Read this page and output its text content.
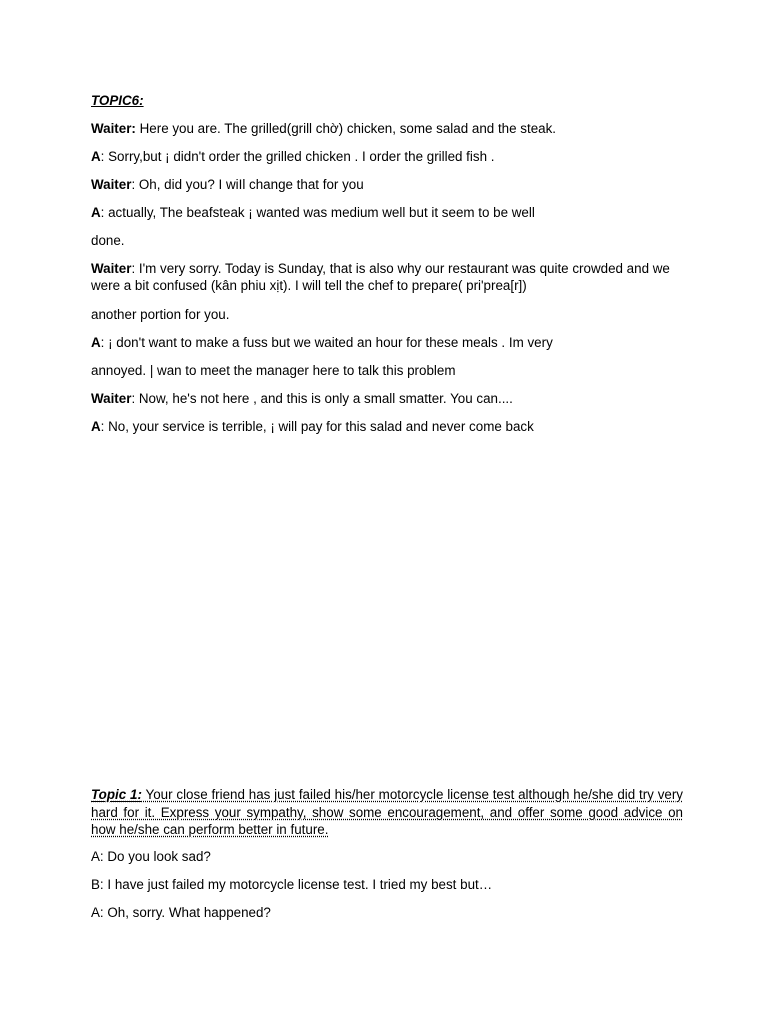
TOPIC6:

Waiter: Here you are. The grilled(grill chờ) chicken, some salad and the steak.

A: Sorry,but ¡ didn't order the grilled chicken . I order the grilled fish .

Waiter: Oh, did you? I wiIl change that for you

A: actually, The beafsteak ¡ wanted was medium well but it seem to be well

done.

Waiter: I'm very sorry. Today is Sunday, that is also why our restaurant was quite crowded and we were a bit confused (kân phiu xịt). I will tell the chef to prepare( pri'prea[r])

another portion for you.

A: ¡ don't want to make a fuss but we waited an hour for these meals . Im very

annoyed. | wan to meet the manager here to talk this problem

Waiter: Now, he's not here , and this is only a small smatter. You can....

A: No, your service is terrible, ¡ will pay for this salad and never come back

Topic 1: Your close friend has just failed his/her motorcycle license test although he/she did try very hard for it. Express your sympathy, show some encouragement, and offer some good advice on how he/she can perform better in future.

A: Do you look sad?

B: I have just failed my motorcycle license test. I tried my best but…

A: Oh, sorry. What happened?
